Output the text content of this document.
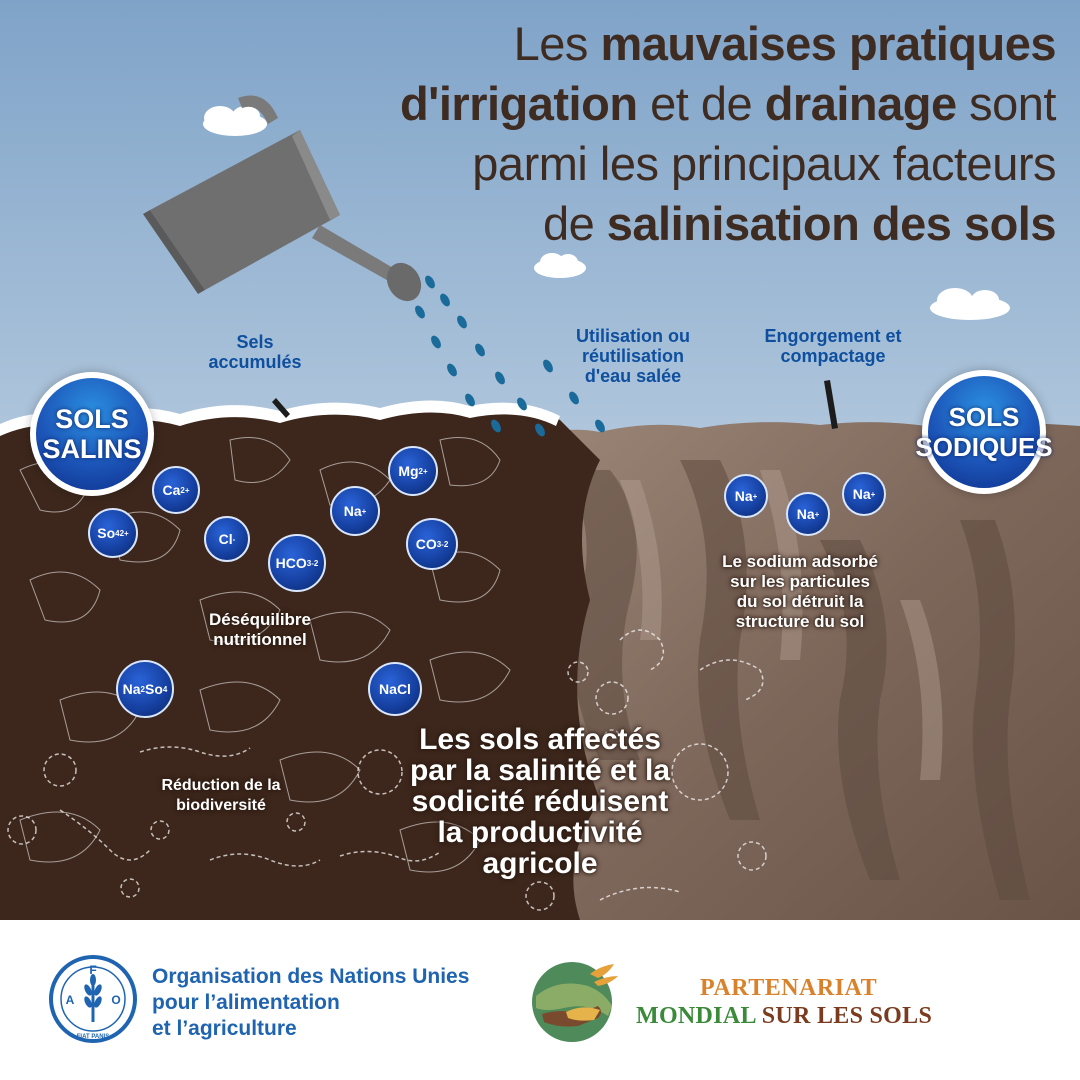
Les mauvaises pratiques
d'irrigation et de drainage sont
parmi les principaux facteurs
de salinisation des sols
Sels
accumulés
Utilisation ou
réutilisation
d'eau salée
Engorgement et
compactage
SOLS
SALINS
SOLS
SODIQUES
Ca 2+
So 4 2+	Cl -
HCO 3 -2
Na +
Mg 2+
CO 3 -2
Na 2 So 4	NaCl
Na +
Na +
Na +
Déséquilibre
nutritionnel
Réduction de la
biodiversité
Le sodium adsorbé
sur les particules
du sol détruit la
structure du sol
Les sols affectés
par la salinité et la
sodicité réduisent
la productivité
agricole
F
A	O
FIAT PANIS
Organisation des Nations Unies
pour l’alimentation
et l’agriculture
PARTENARIAT
MONDIAL SUR LES SOLS
